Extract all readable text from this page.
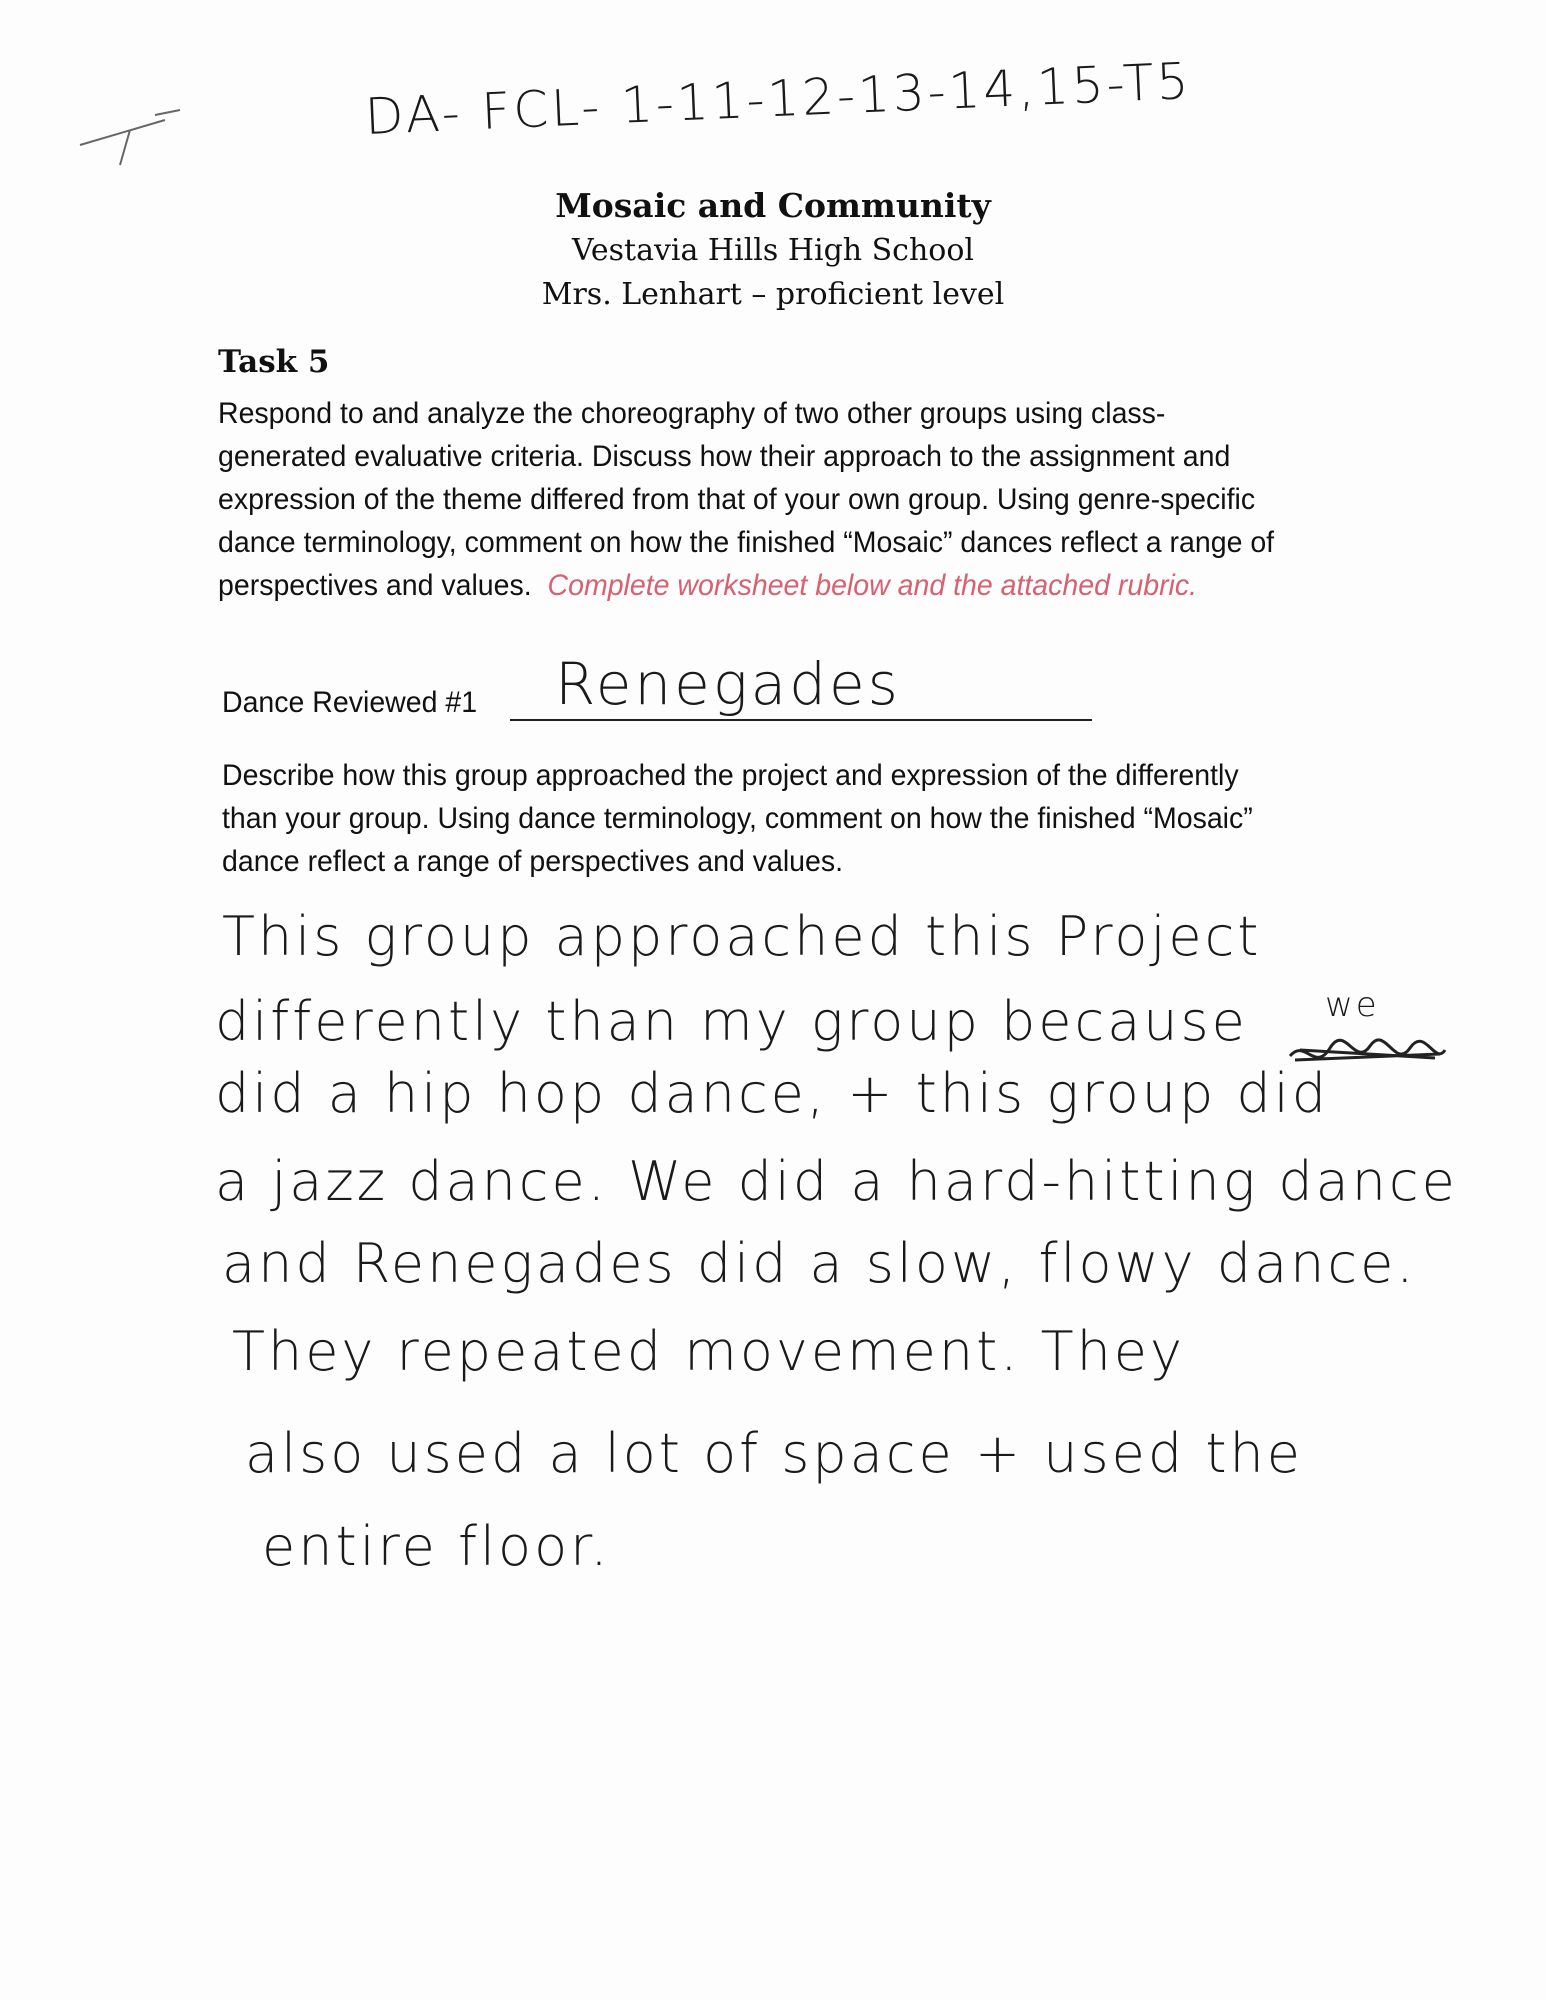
DA- FCL- 1-11-12-13-14,15-T5
Mosaic and Community
Vestavia Hills High School
Mrs. Lenhart – proficient level
Task 5
Respond to and analyze the choreography of two other groups using class-generated evaluative criteria. Discuss how their approach to the assignment and expression of the theme differed from that of your own group. Using genre-specific dance terminology, comment on how the finished “Mosaic” dances reflect a range of perspectives and values. Complete worksheet below and the attached rubric.
Dance Reviewed #1 Renegades
Describe how this group approached the project and expression of the differently than your group. Using dance terminology, comment on how the finished “Mosaic” dance reflect a range of perspectives and values.
we
This group approached this Project
differently than my group because
did a hip hop dance, + this group did
a jazz dance. We did a hard-hitting dance
and Renegades did a slow, flowy dance.
They repeated movement. They
also used a lot of space + used the
entire floor.
